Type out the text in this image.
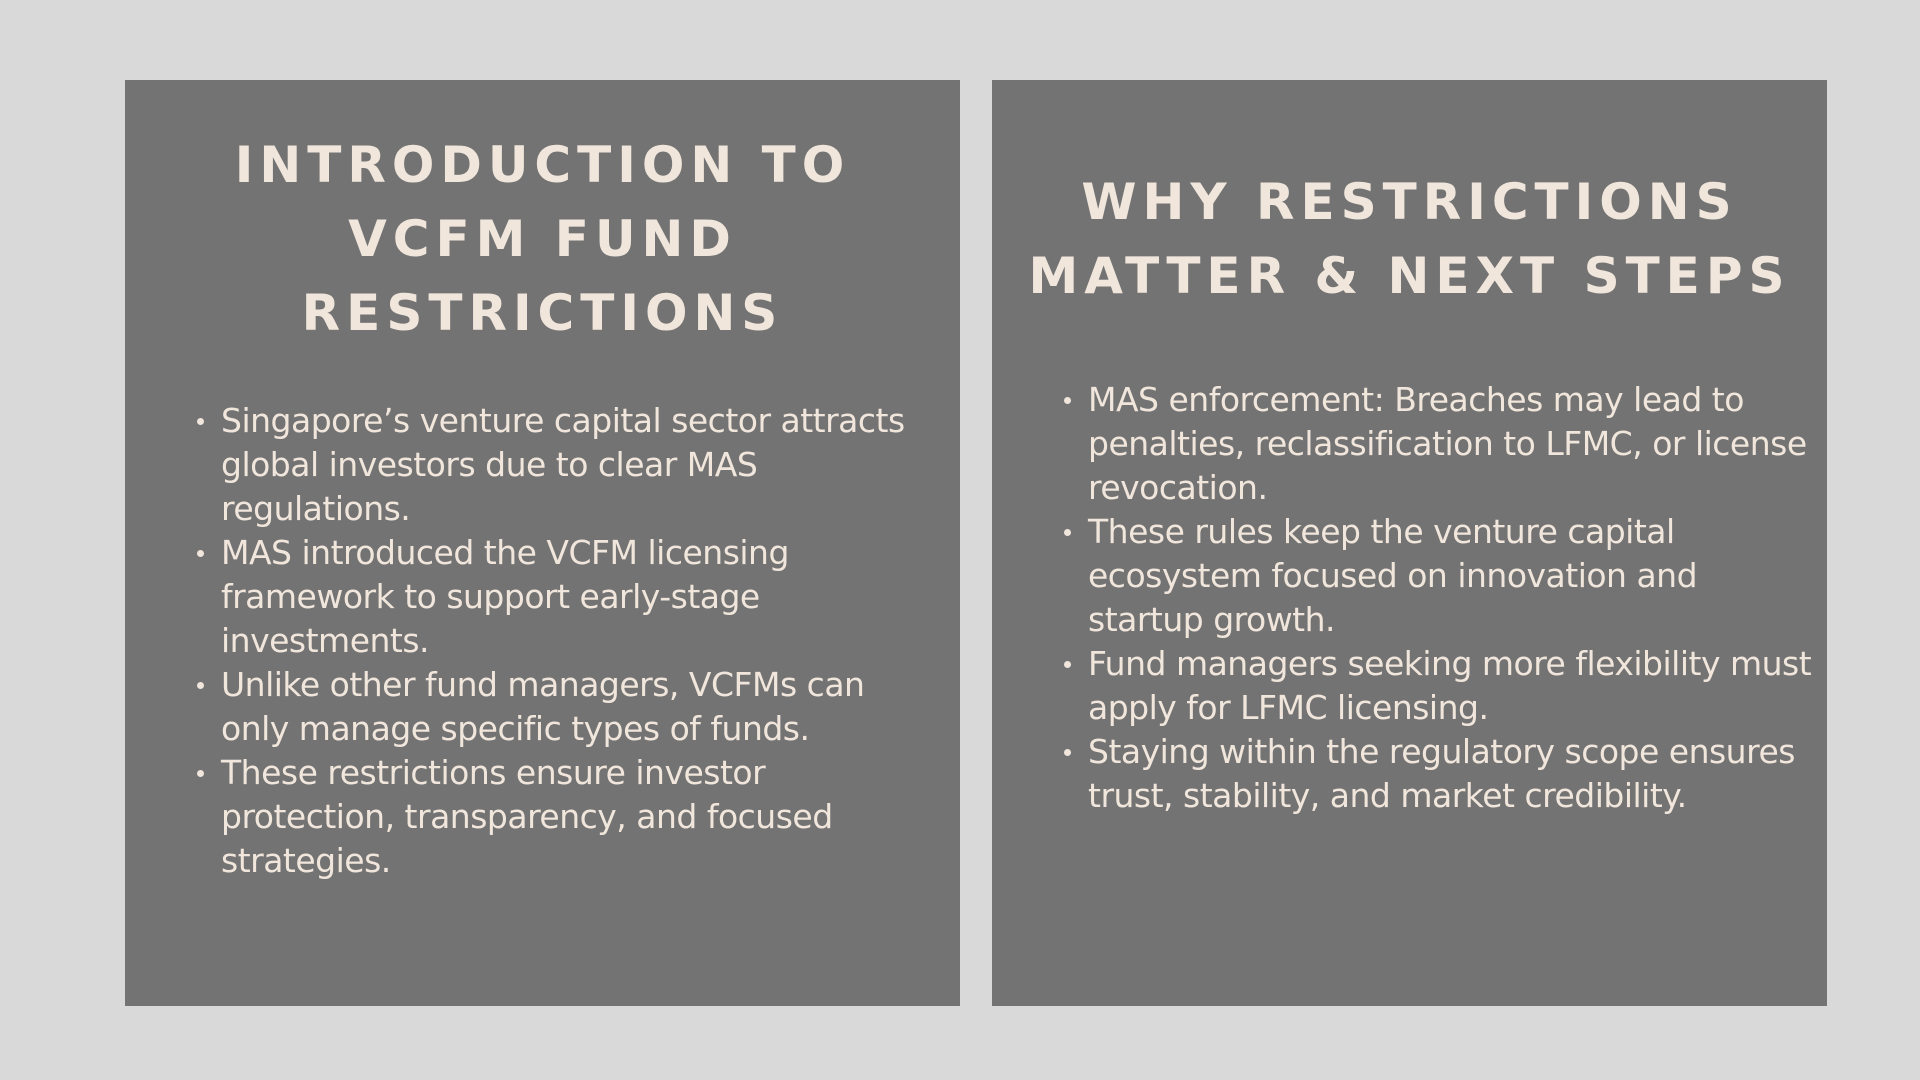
INTRODUCTION TO
VCFM FUND
RESTRICTIONS
Singapore’s venture capital sector attracts global investors due to clear MAS regulations.
MAS introduced the VCFM licensing framework to support early-stage investments.
Unlike other fund managers, VCFMs can only manage specific types of funds.
These restrictions ensure investor protection, transparency, and focused strategies.
WHY RESTRICTIONS
MATTER & NEXT STEPS
MAS enforcement: Breaches may lead to penalties, reclassification to LFMC, or license revocation.
These rules keep the venture capital ecosystem focused on innovation and startup growth.
Fund managers seeking more flexibility must apply for LFMC licensing.
Staying within the regulatory scope ensures trust, stability, and market credibility.
